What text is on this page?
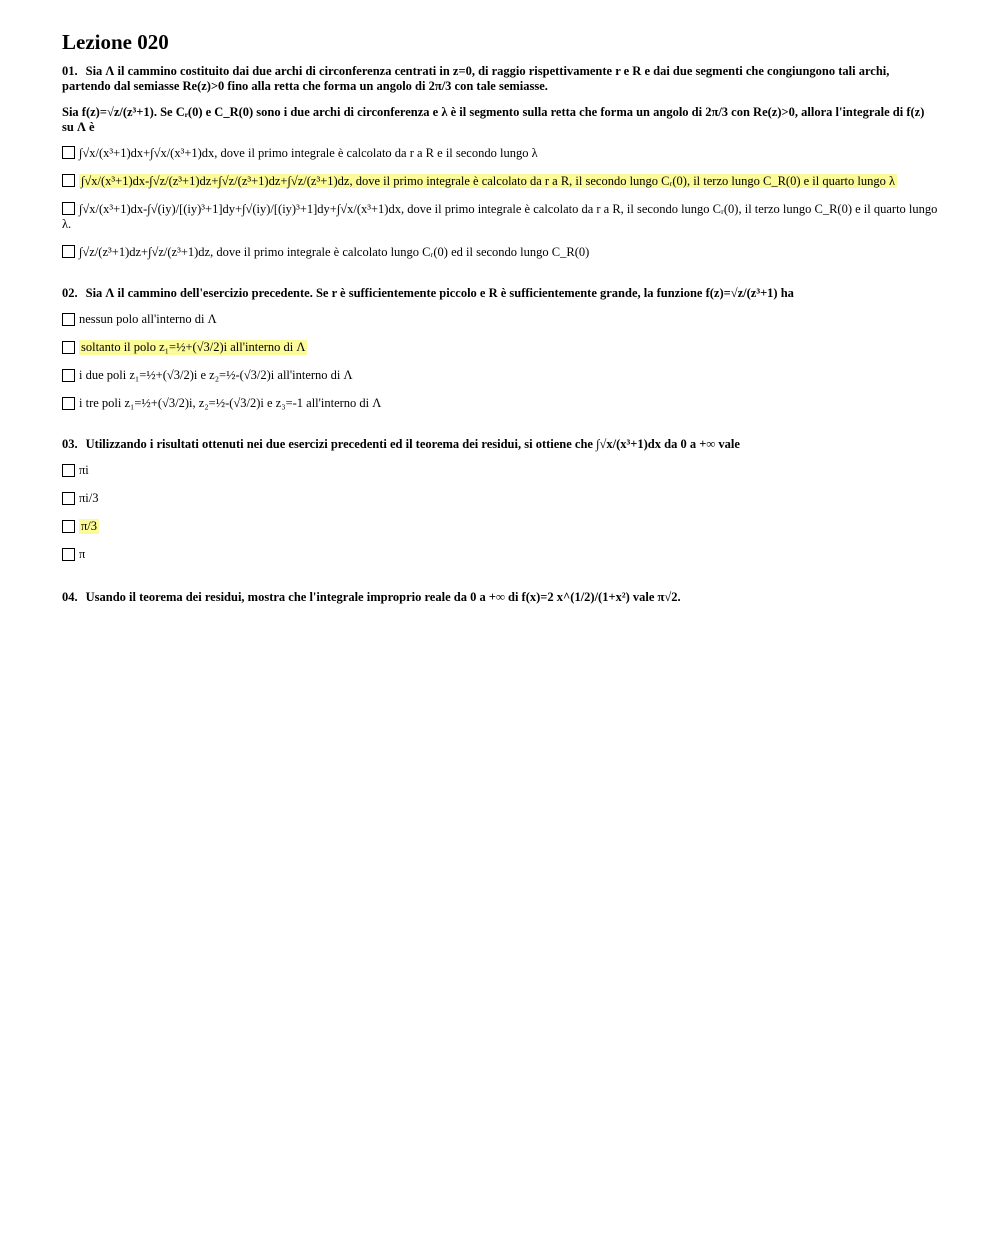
Lezione 020

01. Sia Λ il cammino costituito dai due archi di circonferenza centrati in z=0, di raggio rispettivamente r e R e dai due segmenti che congiungono tali archi, partendo dal semiasse Re(z)>0 fino alla retta che forma un angolo di 2π/3 con tale semiasse.

Sia f(z)=√z/(z³+1). Se Cᵣ(0) e C_R(0) sono i due archi di circonferenza e λ è il segmento sulla retta che forma un angolo di 2π/3 con Re(z)>0, allora l'integrale di f(z) su Λ è

∫√x/(x³+1)dx+∫√x/(x³+1)dx, dove il primo integrale è calcolato da r a R e il secondo lungo λ
∫√x/(x³+1)dx-∫√z/(z³+1)dz+∫√z/(z³+1)dz+∫√z/(z³+1)dz, dove il primo integrale è calcolato da r a R, il secondo lungo Cᵣ(0), il terzo lungo C_R(0) e il quarto lungo λ
∫√x/(x³+1)dx-∫√(iy)/[(iy)³+1]dy+∫√(iy)/[(iy)³+1]dy+∫√x/(x³+1)dx, dove il primo integrale è calcolato da r a R, il secondo lungo Cᵣ(0), il terzo lungo C_R(0) e il quarto lungo λ.
∫√z/(z³+1)dz+∫√z/(z³+1)dz, dove il primo integrale è calcolato lungo Cᵣ(0) ed il secondo lungo C_R(0)

02. Sia Λ il cammino dell'esercizio precedente. Se r è sufficientemente piccolo e R è sufficientemente grande, la funzione f(z)=√z/(z³+1) ha

nessun polo all'interno di Λ
soltanto il polo z₁=½+(√3/2)i all'interno di Λ
i due poli z₁=½+(√3/2)i e z₂=½-(√3/2)i all'interno di Λ
i tre poli z₁=½+(√3/2)i, z₂=½-(√3/2)i e z₃=-1 all'interno di Λ

03. Utilizzando i risultati ottenuti nei due esercizi precedenti ed il teorema dei residui, si ottiene che ∫√x/(x³+1)dx da 0 a +∞ vale

πi
πi/3
π/3
π

04. Usando il teorema dei residui, mostra che l'integrale improprio reale da 0 a +∞ di f(x)=2 x^(1/2)/(1+x²) vale π√2.
